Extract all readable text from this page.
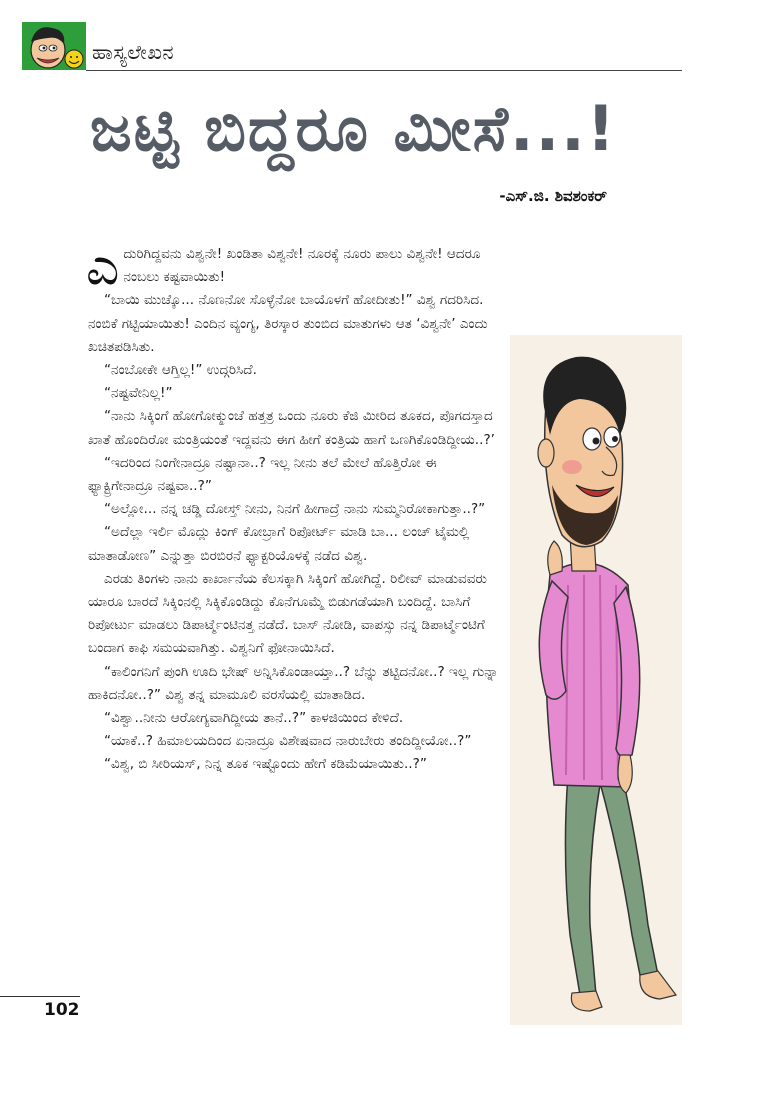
ಹಾಸ್ಯಲೇಖನ
ಜಟ್ಟಿ ಬಿದ್ದರೂ ಮೀಸೆ...!
-ಎಸ್.ಜಿ. ಶಿವಶಂಕರ್

ಎದುರಿಗಿದ್ದವನು ವಿಶ್ವನೇ! ಖಂಡಿತಾ ವಿಶ್ವನೇ! ನೂರಕ್ಕೆ ನೂರು ಪಾಲು ವಿಶ್ವನೇ! ಆದರೂ ನಂಬಲು ಕಷ್ಟವಾಯಿತು!

“ಬಾಯಿ ಮುಚ್ಕೊ... ನೊಣನೋ ಸೊಳ್ಳೆನೋ ಬಾಯೊಳಗೆ ಹೋದೀತು!” ವಿಶ್ವ ಗದರಿಸಿದ. ನಂಬಿಕೆ ಗಟ್ಟಿಯಾಯಿತು! ಎಂದಿನ ವ್ಯಂಗ್ಯ, ತಿರಸ್ಕಾರ ತುಂಬಿದ ಮಾತುಗಳು ಆತ ‘ವಿಶ್ವನೇ’ ಎಂದು ಖಚಿತಪಡಿಸಿತು.

“ನಂಬೋಕೇ ಆಗ್ತಿಲ್ಲ!” ಉದ್ಗರಿಸಿದೆ.

“ನಷ್ಟವೇನಿಲ್ಲ!”

“ನಾನು ಸಿಕ್ಕಿಂಗೆ ಹೋಗೋಕ್ಮುಂಚೆ ಹತ್ತತ್ರ ಒಂದು ನೂರು ಕೆಜಿ ಮೀರಿದ ತೂಕದ, ಪೊಗದಸ್ತಾದ ಖಾತೆ ಹೊಂದಿರೋ ಮಂತ್ರಿಯಂತೆ ಇದ್ದವನು ಈಗ ಹೀಗೆ ಕಂತ್ರಿಯ ಹಾಗೆ ಒಣಗಿಕೊಂಡಿದ್ದೀಯ..?’

“ಇದರಿಂದ ನಿಂಗೇನಾದ್ರೂ ನಷ್ಟಾನಾ..? ಇಲ್ಲ ನೀನು ತಲೆ ಮೇಲೆ ಹೊತ್ತಿರೋ ಈ ಫ್ಯಾಕ್ಟ್ರಿಗೇನಾದ್ರೂ ನಷ್ಟವಾ..?”

“ಅಲ್ಲೋ... ನನ್ನ ಚಡ್ಡಿ ದೋಸ್ತ್ ನೀನು, ನಿನಗೆ ಹೀಗಾದ್ರೆ ನಾನು ಸುಮ್ಮನಿರೋಕಾಗುತ್ತಾ..?”

“ಅದೆಲ್ಲಾ ಇರ್ಲಿ ಮೊದ್ಲು ಕಿಂಗ್ ಕೋಬ್ರಾಗೆ ರಿಪೋರ್ಟ್ ಮಾಡಿ ಬಾ... ಲಂಚ್ ಟೈಮಲ್ಲಿ ಮಾತಾಡೋಣ” ಎನ್ನುತ್ತಾ ಬಿರಬಿರನೆ ಫ್ಯಾಕ್ಟರಿಯೊಳಕ್ಕೆ ನಡೆದ ವಿಶ್ವ.

ಎರಡು ತಿಂಗಳು ನಾನು ಕಾರ್ಖಾನೆಯ ಕೆಲಸಕ್ಕಾಗಿ ಸಿಕ್ಕಿಂಗೆ ಹೋಗಿದ್ದೆ. ರಿಲೀವ್ ಮಾಡುವವರು ಯಾರೂ ಬಾರದೆ ಸಿಕ್ಕಿಂನಲ್ಲಿ ಸಿಕ್ಕಿಕೊಂಡಿದ್ದು ಕೊನೆಗೂಮ್ಮೆ ಬಿಡುಗಡೆಯಾಗಿ ಬಂದಿದ್ದೆ. ಬಾಸಿಗೆ ರಿಪೋರ್ಟು ಮಾಡಲು ಡಿಪಾರ್ಟ್ಮೆಂಟಿನತ್ತ ನಡೆದೆ. ಬಾಸ್ ನೋಡಿ, ವಾಪಸ್ಸು ನನ್ನ ಡಿಪಾರ್ಟ್ಮೆಂಟಿಗೆ ಬಂದಾಗ ಕಾಫಿ ಸಮಯವಾಗಿತ್ತು. ವಿಶ್ವನಿಗೆ ಫೋನಾಯಿಸಿದೆ.

“ಕಾಲಿಂಗನಿಗೆ ಪುಂಗಿ ಊದಿ ಭೇಷ್ ಅನ್ನಿಸಿಕೊಂಡಾಯ್ತಾ..? ಬೆನ್ನು ತಟ್ಟಿದನೋ..? ಇಲ್ಲ ಗುನ್ನಾ ಹಾಕಿದನೋ..?” ವಿಶ್ವ ತನ್ನ ಮಾಮೂಲಿ ವರಸೆಯಲ್ಲಿ ಮಾತಾಡಿದ.

“ವಿಶ್ವಾ..ನೀನು ಆರೋಗ್ಯವಾಗಿದ್ದೀಯ ತಾನೆ..?” ಕಾಳಜಿಯಿಂದ ಕೇಳಿದೆ.

“ಯಾಕೆ..? ಹಿಮಾಲಯದಿಂದ ಏನಾದ್ರೂ ವಿಶೇಷವಾದ ನಾರುಬೇರು ತಂದಿದ್ದೀಯೋ..?”

“ವಿಶ್ವ, ಬಿ ಸೀರಿಯಸ್, ನಿನ್ನ ತೂಕ ಇಷ್ಟೊಂದು ಹೇಗೆ ಕಡಿಮೆಯಾಯಿತು..?”

102
